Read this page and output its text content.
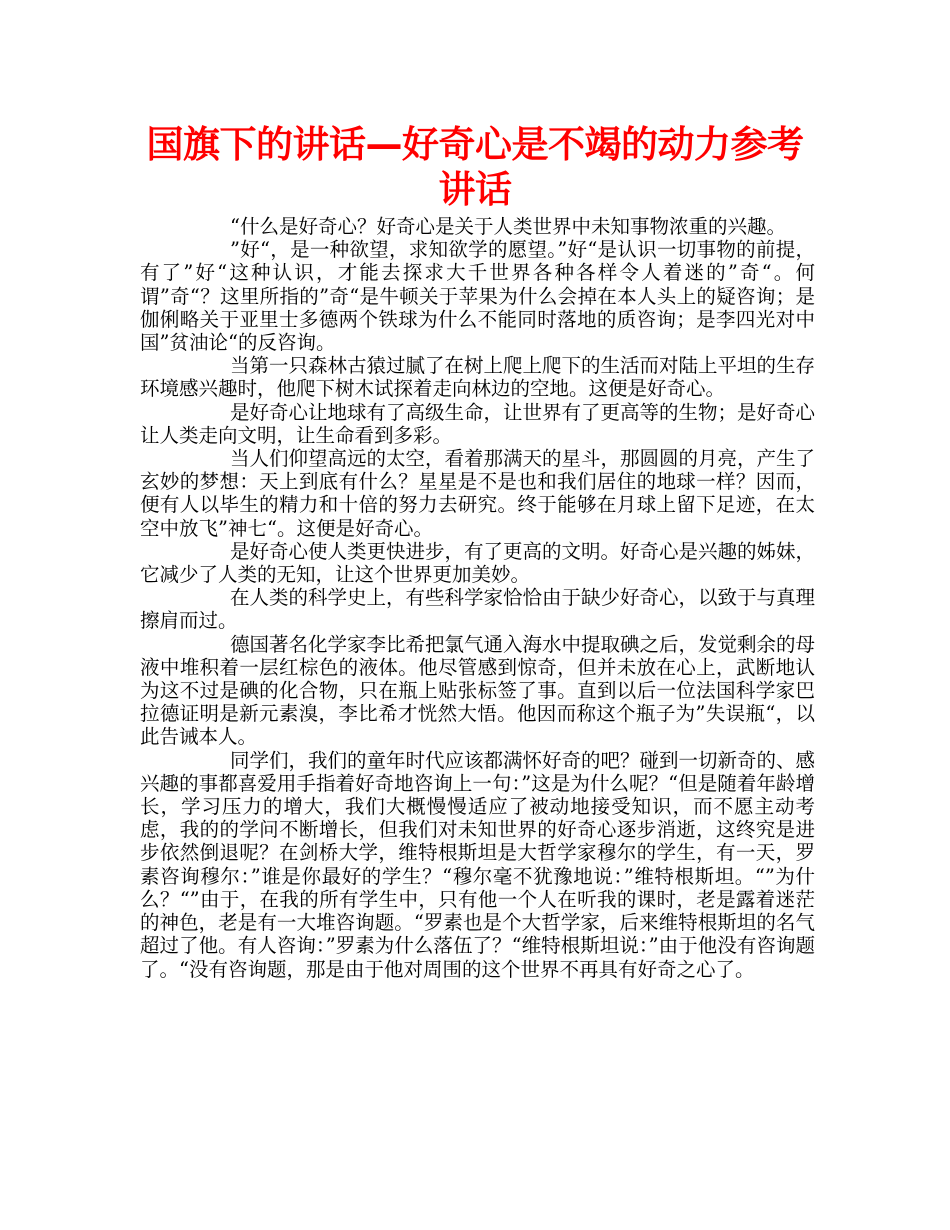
国旗下的讲话—好奇心是不竭的动力参考讲话

“什么是好奇心？好奇心是关于人类世界中未知事物浓重的兴趣。

”好“，是一种欲望，求知欲学的愿望。”好“是认识一切事物的前提，有了”好“这种认识，才能去探求大千世界各种各样令人着迷的”奇“。何谓”奇“？这里所指的”奇“是牛顿关于苹果为什么会掉在本人头上的疑咨询；是伽俐略关于亚里士多德两个铁球为什么不能同时落地的质咨询；是李四光对中国”贫油论“的反咨询。

当第一只森林古猿过腻了在树上爬上爬下的生活而对陆上平坦的生存环境感兴趣时，他爬下树木试探着走向林边的空地。这便是好奇心。

是好奇心让地球有了高级生命，让世界有了更高等的生物；是好奇心让人类走向文明，让生命看到多彩。

当人们仰望高远的太空，看着那满天的星斗，那圆圆的月亮，产生了玄妙的梦想：天上到底有什么？星星是不是也和我们居住的地球一样？因而，便有人以毕生的精力和十倍的努力去研究。终于能够在月球上留下足迹，在太空中放飞”神七“。这便是好奇心。

是好奇心使人类更快进步，有了更高的文明。好奇心是兴趣的姊妹，它减少了人类的无知，让这个世界更加美妙。

在人类的科学史上，有些科学家恰恰由于缺少好奇心，以致于与真理擦肩而过。

德国著名化学家李比希把氯气通入海水中提取碘之后，发觉剩余的母液中堆积着一层红棕色的液体。他尽管感到惊奇，但并未放在心上，武断地认为这不过是碘的化合物，只在瓶上贴张标签了事。直到以后一位法国科学家巴拉德证明是新元素溴，李比希才恍然大悟。他因而称这个瓶子为”失误瓶“，以此告诫本人。

同学们，我们的童年时代应该都满怀好奇的吧？碰到一切新奇的、感兴趣的事都喜爱用手指着好奇地咨询上一句：”这是为什么呢？“但是随着年龄增长，学习压力的增大，我们大概慢慢适应了被动地接受知识，而不愿主动考虑，我的的学问不断增长，但我们对未知世界的好奇心逐步消逝，这终究是进步依然倒退呢？在剑桥大学，维特根斯坦是大哲学家穆尔的学生，有一天，罗素咨询穆尔：”谁是你最好的学生？“穆尔毫不犹豫地说：”维特根斯坦。“”为什么？“”由于，在我的所有学生中，只有他一个人在听我的课时，老是露着迷茫的神色，老是有一大堆咨询题。“罗素也是个大哲学家，后来维特根斯坦的名气超过了他。有人咨询：”罗素为什么落伍了？“维特根斯坦说：”由于他没有咨询题了。“没有咨询题，那是由于他对周围的这个世界不再具有好奇之心了。
